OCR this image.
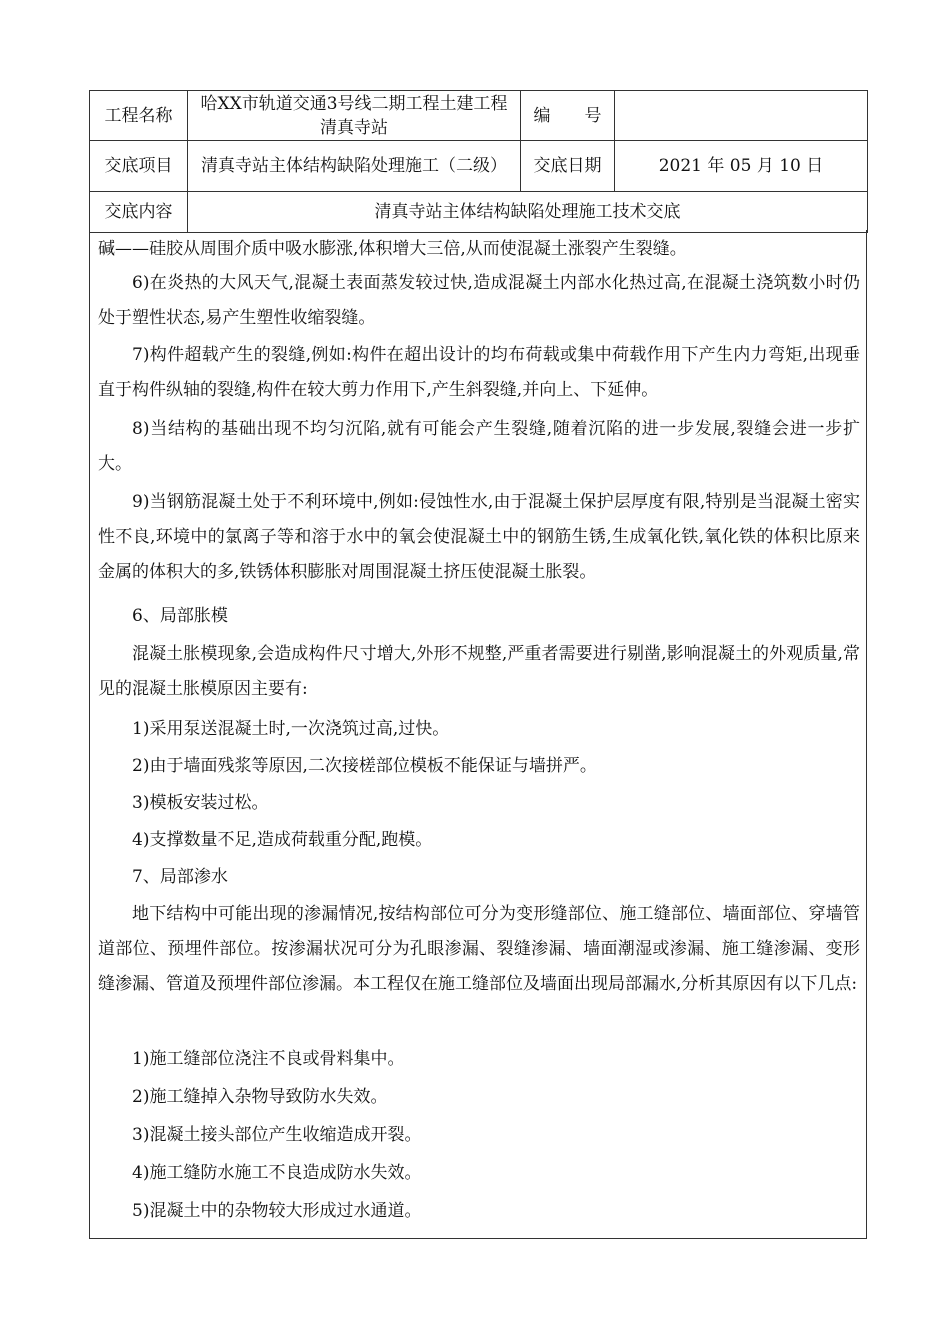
工程名称	哈XX市轨道交通3号线二期工程土建工程清真寺站	编　　号	
交底项目	清真寺站主体结构缺陷处理施工（二级）	交底日期	2021 年 05 月 10 日
交底内容	清真寺站主体结构缺陷处理施工技术交底		

碱——硅胶从周围介质中吸水膨涨,体积增大三倍,从而使混凝土涨裂产生裂缝。

6)在炎热的大风天气,混凝土表面蒸发较过快,造成混凝土内部水化热过高,在混凝土浇筑数小时仍处于塑性状态,易产生塑性收缩裂缝。

7)构件超载产生的裂缝,例如:构件在超出设计的均布荷载或集中荷载作用下产生内力弯矩,出现垂直于构件纵轴的裂缝,构件在较大剪力作用下,产生斜裂缝,并向上、下延伸。

8)当结构的基础出现不均匀沉陷,就有可能会产生裂缝,随着沉陷的进一步发展,裂缝会进一步扩大。

9)当钢筋混凝土处于不利环境中,例如:侵蚀性水,由于混凝土保护层厚度有限,特别是当混凝土密实性不良,环境中的氯离子等和溶于水中的氧会使混凝土中的钢筋生锈,生成氧化铁,氧化铁的体积比原来金属的体积大的多,铁锈体积膨胀对周围混凝土挤压使混凝土胀裂。

6、局部胀模

混凝土胀模现象,会造成构件尺寸增大,外形不规整,严重者需要进行剔凿,影响混凝土的外观质量,常见的混凝土胀模原因主要有:

1)采用泵送混凝土时,一次浇筑过高,过快。

2)由于墙面残浆等原因,二次接槎部位模板不能保证与墙拼严。

3)模板安装过松。

4)支撑数量不足,造成荷载重分配,跑模。

7、局部渗水

地下结构中可能出现的渗漏情况,按结构部位可分为变形缝部位、施工缝部位、墙面部位、穿墙管道部位、预埋件部位。按渗漏状况可分为孔眼渗漏、裂缝渗漏、墙面潮湿或渗漏、施工缝渗漏、变形缝渗漏、管道及预埋件部位渗漏。本工程仅在施工缝部位及墙面出现局部漏水,分析其原因有以下几点:

1)施工缝部位浇注不良或骨料集中。

2)施工缝掉入杂物导致防水失效。

3)混凝土接头部位产生收缩造成开裂。

4)施工缝防水施工不良造成防水失效。

5)混凝土中的杂物较大形成过水通道。
